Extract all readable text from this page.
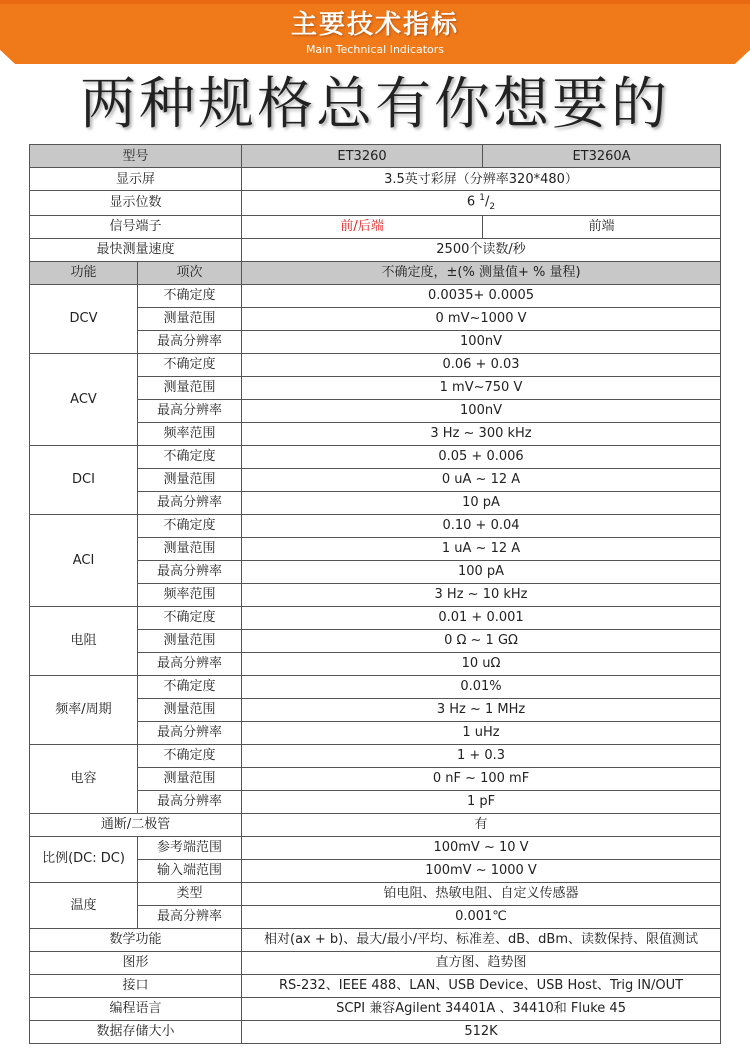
主要技术指标
Main Technical Indicators
两种规格总有你想要的
型号		ET3260	ET3260A
显示屏		3.5英寸彩屏（分辨率320*480）	
显示位数		6 $^1/_2$
信号端子		前/后端	前端
最快测量速度		2500个读数/秒	
功能	项次	不确定度，±(% 测量值+ % 量程)	
DCV	不确定度	0.0035+ 0.0005	
	测量范围	0 mV~1000 V	
	最高分辨率	100nV	
ACV	不确定度	0.06 + 0.03	
	测量范围	1 mV~750 V	
	最高分辨率	100nV	
	频率范围	3 Hz ~ 300 kHz	
DCI	不确定度	0.05 + 0.006	
	测量范围	0 uA ~ 12 A	
	最高分辨率	10 pA	
ACI	不确定度	0.10 + 0.04	
	测量范围	1 uA ~ 12 A	
	最高分辨率	100 pA	
	频率范围	3 Hz ~ 10 kHz	
电阻	不确定度	0.01 + 0.001	
	测量范围	0 Ω ~ 1 GΩ	
	最高分辨率	10 uΩ	
频率/周期	不确定度	0.01%	
	测量范围	3 Hz ~ 1 MHz	
	最高分辨率	1 uHz	
电容	不确定度	1 + 0.3	
	测量范围	0 nF ~ 100 mF	
	最高分辨率	1 pF	
通断/二极管		有	
比例(DC: DC)	参考端范围	100mV ~ 10 V	
	输入端范围	100mV ~ 1000 V	
温度	类型	铂电阻、热敏电阻、自定义传感器	
	最高分辨率	0.001℃	
数学功能		相对(ax + b)、最大/最小/平均、标准差、dB、dBm、读数保持、限值测试	
图形		直方图、趋势图	
接口		RS-232、IEEE 488、LAN、USB Device、USB Host、Trig IN/OUT	
编程语言		SCPI 兼容Agilent 34401A 、34410和 Fluke 45	
数据存储大小		512K	
